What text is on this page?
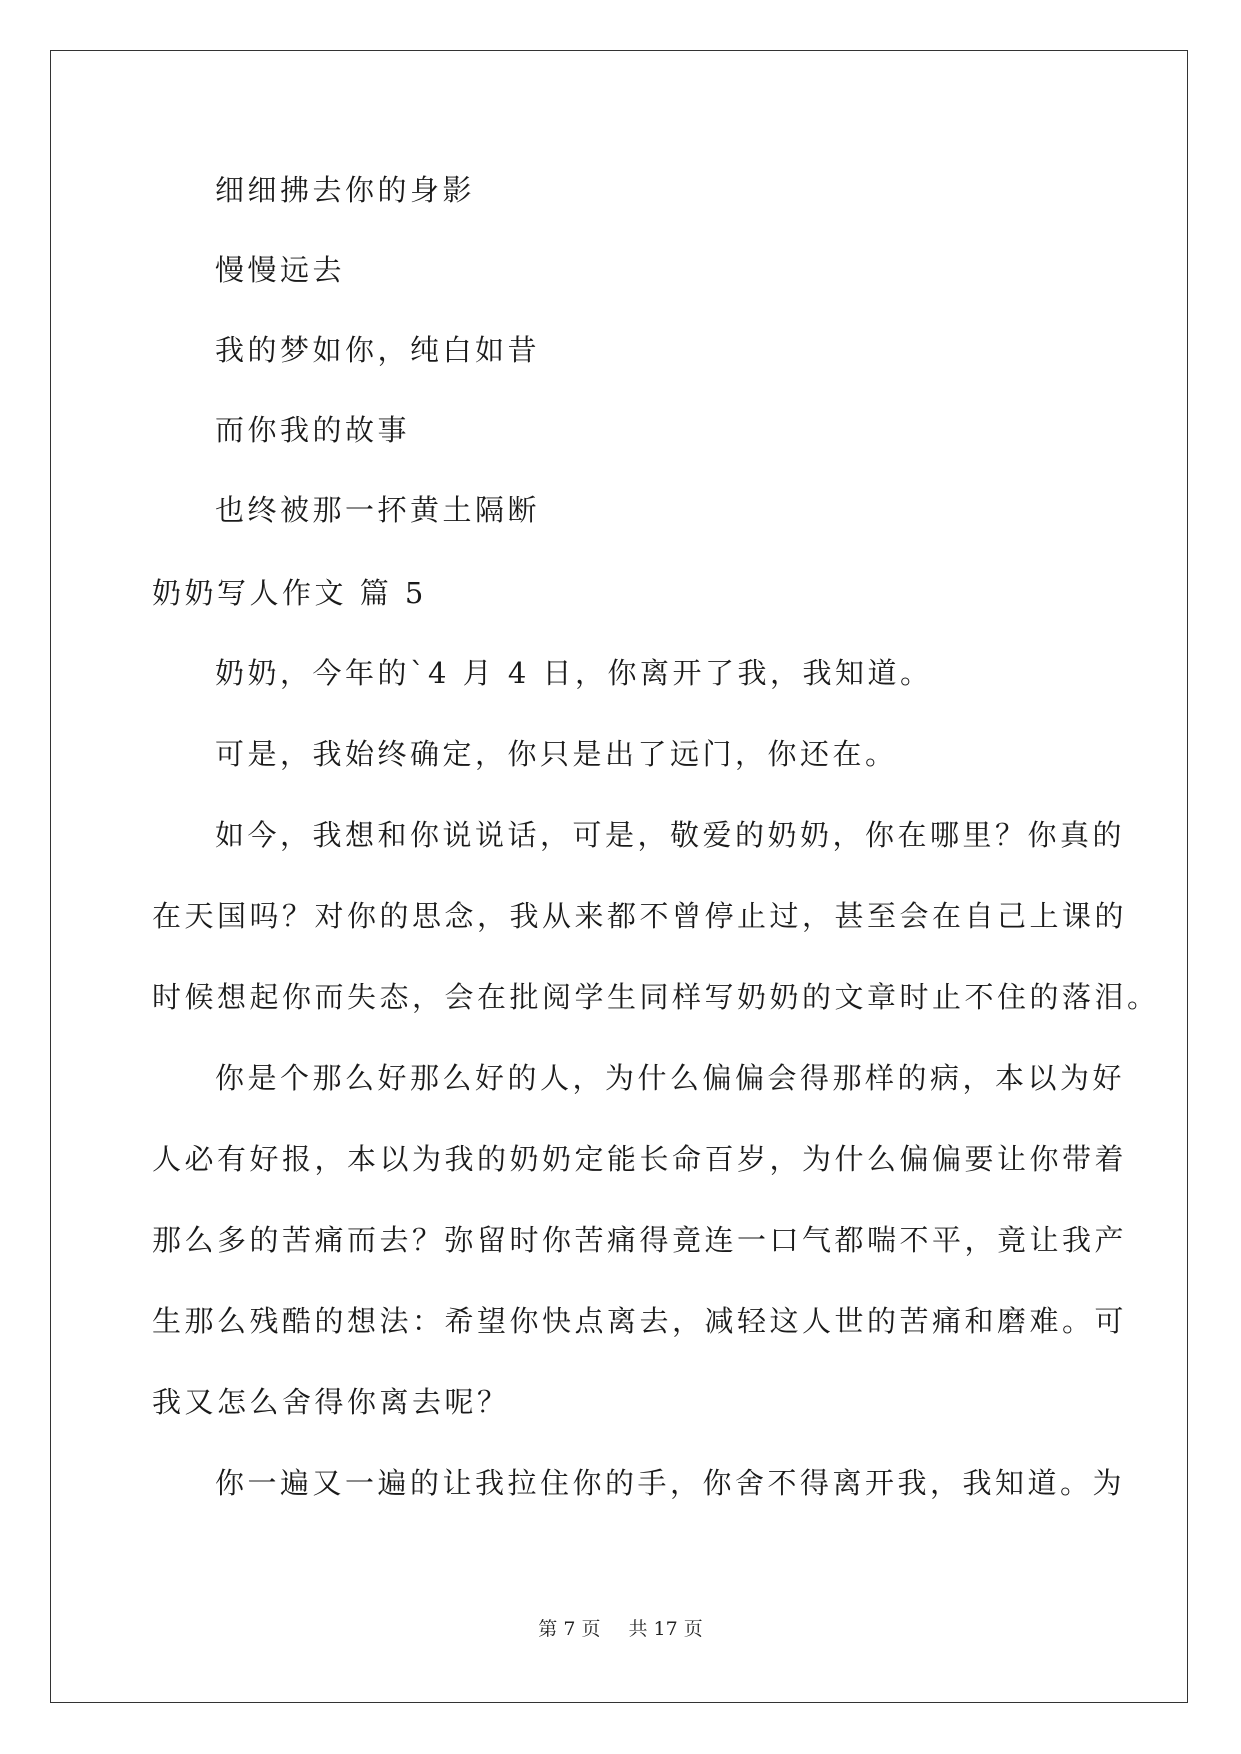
细细拂去你的身影
慢慢远去
我的梦如你，纯白如昔
而你我的故事
也终被那一抔黄土隔断
奶奶写人作文 篇 5
奶奶，今年的`4 月 4 日，你离开了我，我知道。
可是，我始终确定，你只是出了远门，你还在。
如今，我想和你说说话，可是，敬爱的奶奶，你在哪里？你真的
在天国吗？对你的思念，我从来都不曾停止过，甚至会在自己上课的
时候想起你而失态，会在批阅学生同样写奶奶的文章时止不住的落泪。
你是个那么好那么好的人，为什么偏偏会得那样的病，本以为好
人必有好报，本以为我的奶奶定能长命百岁，为什么偏偏要让你带着
那么多的苦痛而去？弥留时你苦痛得竟连一口气都喘不平，竟让我产
生那么残酷的想法：希望你快点离去，减轻这人世的苦痛和磨难。可
我又怎么舍得你离去呢？
你一遍又一遍的让我拉住你的手，你舍不得离开我，我知道。为
第 7 页 共 17 页
